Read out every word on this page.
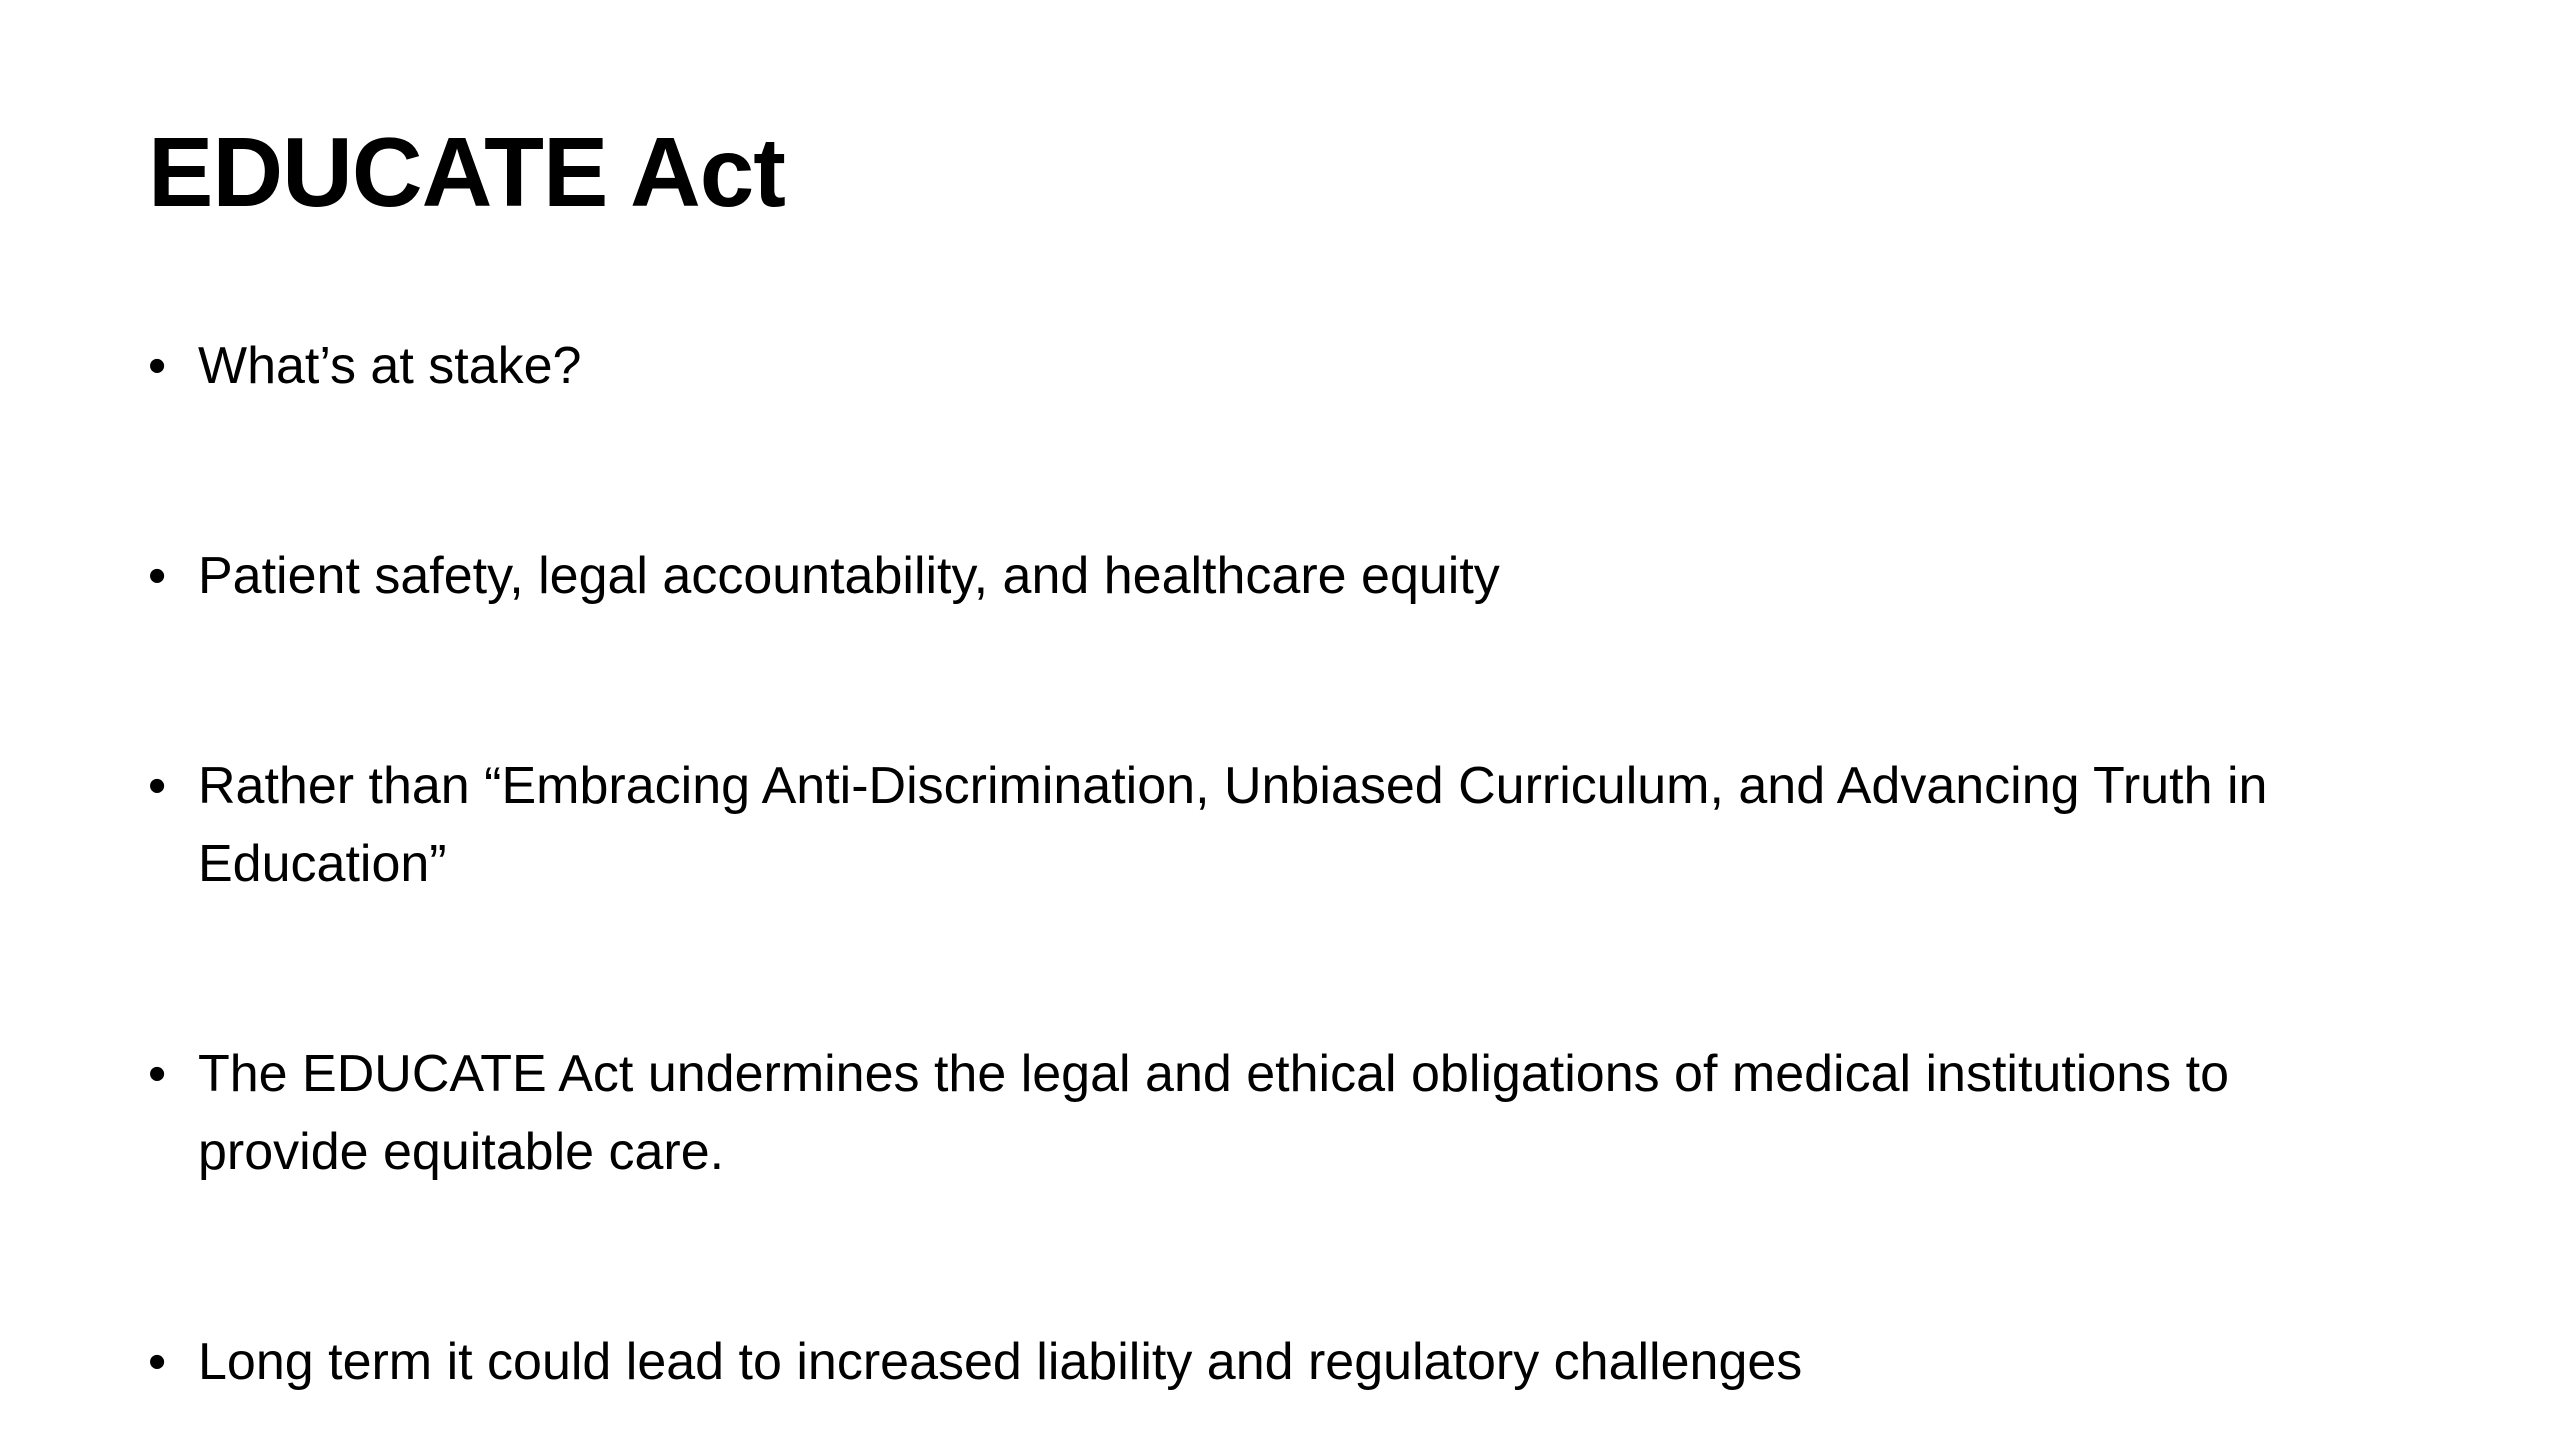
EDUCATE Act
• What’s at stake?
• Patient safety, legal accountability, and healthcare equity
• Rather than “Embracing Anti-Discrimination, Unbiased Curriculum, and Advancing Truth in Education”
• The EDUCATE Act undermines the legal and ethical obligations of medical institutions to provide equitable care.
• Long term it could lead to increased liability and regulatory challenges
